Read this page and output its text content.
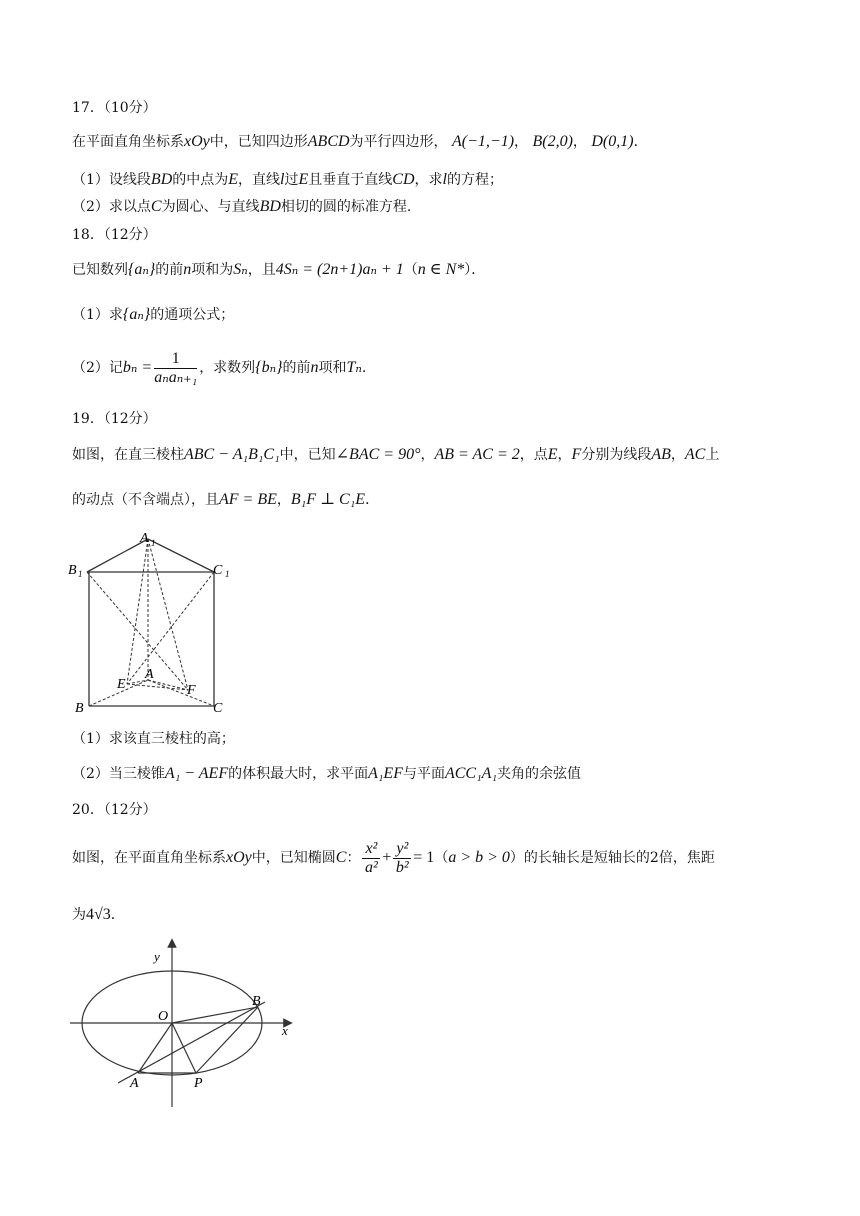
17．（10分）
在平面直角坐标系xOy中，已知四边形ABCD为平行四边形， A(−1,−1)， B(2,0)， D(0,1)．
（1）设线段BD的中点为E，直线l过E且垂直于直线CD，求l的方程；
（2）求以点C为圆心、与直线BD相切的圆的标准方程.
18．（12分）
已知数列{aₙ}的前n项和为Sₙ，且4Sₙ = (2n+1)aₙ + 1（n ∈ N*）．
（1）求{aₙ}的通项公式；
（2）记$b_n = \frac{1}{\text{aₙaₙ₊₁}}$ ，求数列{bₙ}的前n项和Tₙ.
19．（12分）
如图，在直三棱柱ABC − A₁B₁C₁中，已知∠BAC = 90°，AB = AC = 2，点E，F分别为线段AB，AC上
的动点（不含端点），且AF = BE，B₁F ⊥ C₁E．
A 1
B 1	C 1
A
E	F
B	C
（1）求该直三棱柱的高；
（2）当三棱锥A₁ − AEF的体积最大时，求平面A₁EF与平面ACC₁A₁夹角的余弦值
20．（12分）
如图，在平面直角坐标系xOy中，已知椭圆C： $\frac{\text{x²}}{\text{a²}} + \frac{\text{y²}}{\text{b²}} = 1(a > b > 0)$的长轴长是短轴长的2倍，焦距
为4√3．
y
x
O
B
A	P
